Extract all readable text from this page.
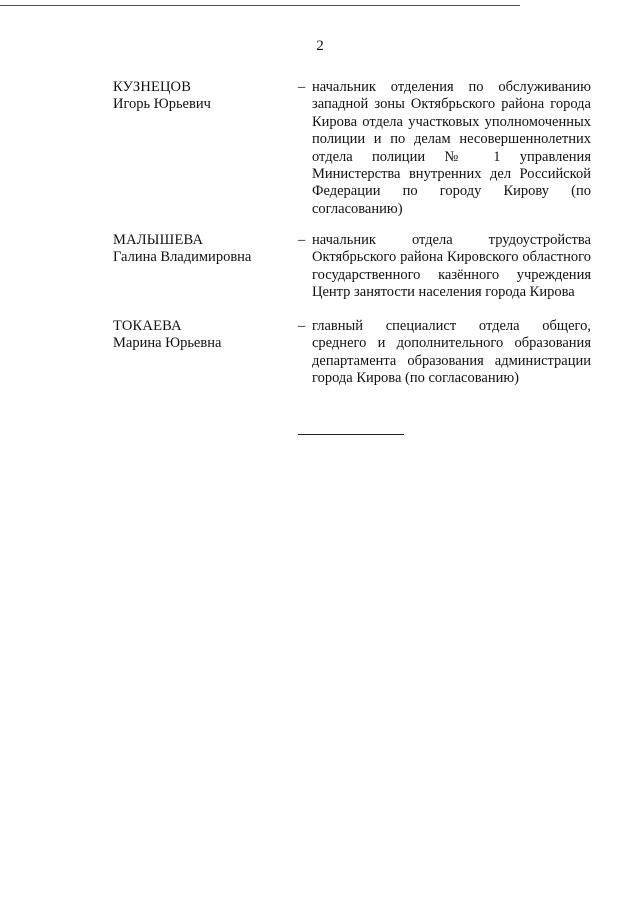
2
КУЗНЕЦОВ
Игорь Юрьевич
– начальник отделения по обслуживанию западной зоны Октябрьского района города Кирова отдела участковых уполномоченных полиции и по делам несовершеннолетних отдела полиции № 1 управления Министерства внутренних дел Российской Федерации по городу Кирову (по согласованию)
МАЛЫШЕВА
Галина Владимировна
– начальник отдела трудоустройства Октябрьского района Кировского областного государственного казённого учреждения Центр занятости населения города Кирова
ТОКАЕВА
Марина Юрьевна
– главный специалист отдела общего, среднего и дополнительного образования департамента образования администрации города Кирова (по согласованию)
